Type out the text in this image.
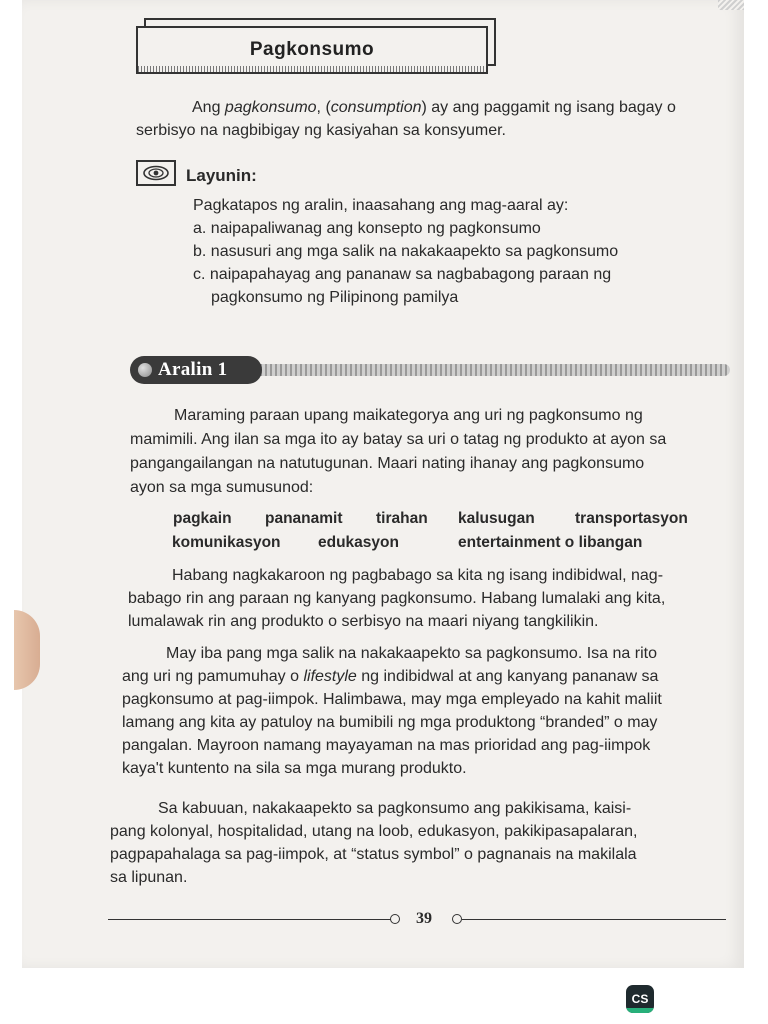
Pagkonsumo
Ang pagkonsumo, (consumption) ay ang paggamit ng isang bagay o
serbisyo na nagbibigay ng kasiyahan sa konsyumer.
Layunin:
Pagkatapos ng aralin, inaasahang ang mag-aaral ay:
a. naipapaliwanag ang konsepto ng pagkonsumo
b. nasusuri ang mga salik na nakakaapekto sa pagkonsumo
c. naipapahayag ang pananaw sa nagbabagong paraan ng
pagkonsumo ng Pilipinong pamilya
Aralin 1
Maraming paraan upang maikategorya ang uri ng pagkonsumo ng
mamimili. Ang ilan sa mga ito ay batay sa uri o tatag ng produkto at ayon sa
pangangailangan na natutugunan. Maari nating ihanay ang pagkonsumo
ayon sa mga sumusunod:
pagkain pananamit tirahan kalusugan	transportasyon
komunikasyon edukasyon	entertainment o libangan
Habang nagkakaroon ng pagbabago sa kita ng isang indibidwal, nag-
babago rin ang paraan ng kanyang pagkonsumo. Habang lumalaki ang kita,
lumalawak rin ang produkto o serbisyo na maari niyang tangkilikin.
May iba pang mga salik na nakakaapekto sa pagkonsumo. Isa na rito
ang uri ng pamumuhay o lifestyle ng indibidwal at ang kanyang pananaw sa
pagkonsumo at pag-iimpok. Halimbawa, may mga empleyado na kahit maliit
lamang ang kita ay patuloy na bumibili ng mga produktong “branded” o may
pangalan. Mayroon namang mayayaman na mas prioridad ang pag-iimpok
kaya't kuntento na sila sa mga murang produkto.
Sa kabuuan, nakakaapekto sa pagkonsumo ang pakikisama, kaisi-
pang kolonyal, hospitalidad, utang na loob, edukasyon, pakikipasapalaran,
pagpapahalaga sa pag-iimpok, at “status symbol” o pagnanais na makilala
sa lipunan.
39
CS
